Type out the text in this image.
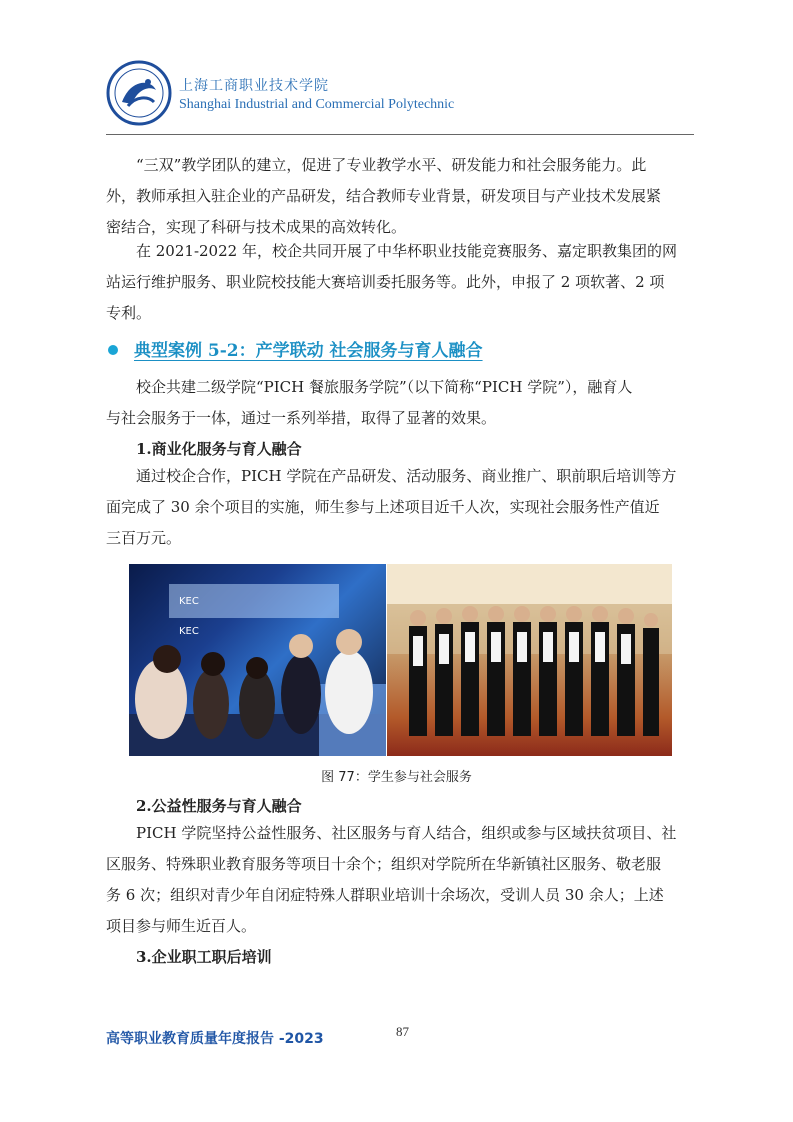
上海工商职业技术学院
Shanghai Industrial and Commercial Polytechnic

“三双”教学团队的建立，促进了专业教学水平、研发能力和社会服务能力。此
外，教师承担入驻企业的产品研发，结合教师专业背景，研发项目与产业技术发展紧
密结合，实现了科研与技术成果的高效转化。

在 2021-2022 年，校企共同开展了中华杯职业技能竞赛服务、嘉定职教集团的网
站运行维护服务、职业院校技能大赛培训委托服务等。此外，申报了 2 项软著、2 项
专利。

典型案例 5-2：产学联动 社会服务与育人融合

校企共建二级学院“PICH 餐旅服务学院”（以下简称“PICH 学院”），融育人
与社会服务于一体，通过一系列举措，取得了显著的效果。

1.商业化服务与育人融合

通过校企合作，PICH 学院在产品研发、活动服务、商业推广、职前职后培训等方
面完成了 30 余个项目的实施，师生参与上述项目近千人次，实现社会服务性产值近
三百万元。

KEC
KEC
图 77：学生参与社会服务
2.公益性服务与育人融合

PICH 学院坚持公益性服务、社区服务与育人结合，组织或参与区域扶贫项目、社
区服务、特殊职业教育服务等项目十余个；组织对学院所在华新镇社区服务、敬老服
务 6 次；组织对青少年自闭症特殊人群职业培训十余场次，受训人员 30 余人；上述
项目参与师生近百人。

3.企业职工职后培训
高等职业教育质量年度报告 -2023	87
